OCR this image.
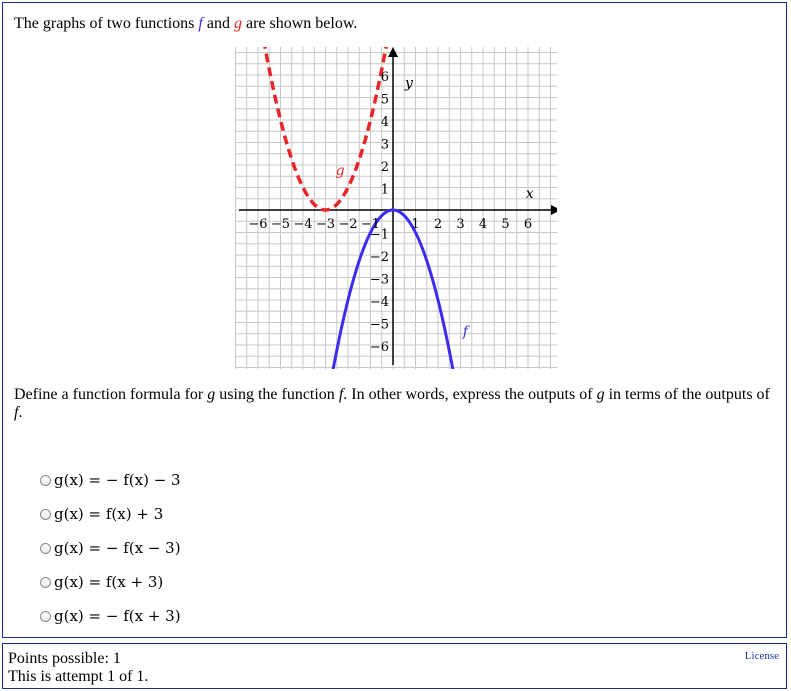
The graphs of two functions f and g are shown below.
−6 −5 −4 −3 −2 −1 1 2 3 4 5 6
6
5
4
3
2
1
−1
−2
−3
−4
−5
−6
x
y
f
g
Define a function formula for g using the function f. In other words, express the outputs of g in terms of the outputs of
f.
g(x) = − f(x) − 3
g(x) = f(x) + 3
g(x) = − f(x − 3)
g(x) = f(x + 3)
g(x) = − f(x + 3)
Points possible: 1
This is attempt 1 of 1.
License
